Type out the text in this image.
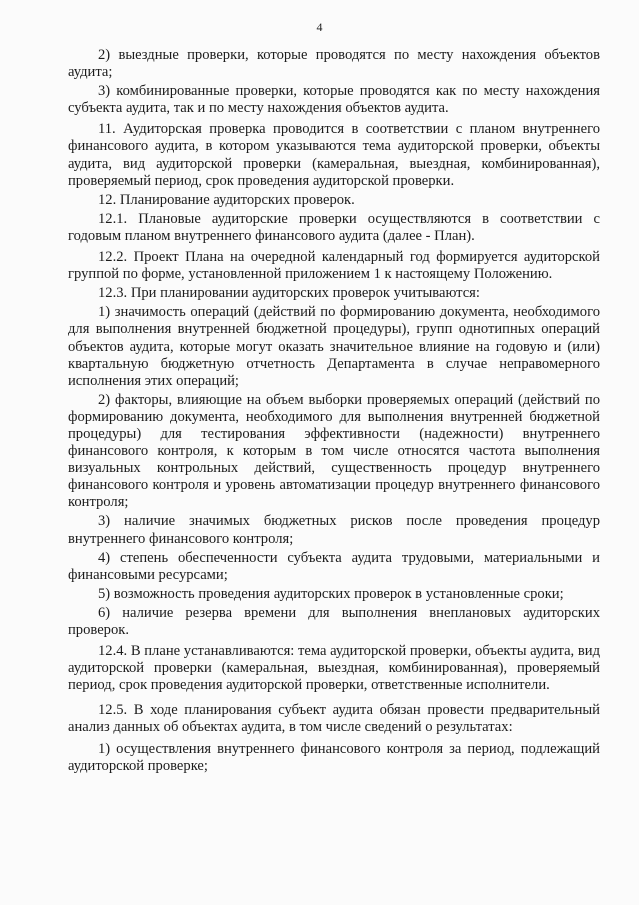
4

2) выездные проверки, которые проводятся по месту нахождения объектов аудита;

3) комбинированные проверки, которые проводятся как по месту нахождения субъекта аудита, так и по месту нахождения объектов аудита.

11. Аудиторская проверка проводится в соответствии с планом внутреннего финансового аудита, в котором указываются тема аудиторской проверки, объекты аудита, вид аудиторской проверки (камеральная, выездная, комбинированная), проверяемый период, срок проведения аудиторской проверки.

12. Планирование аудиторских проверок.

12.1. Плановые аудиторские проверки осуществляются в соответствии с годовым планом внутреннего финансового аудита (далее - План).

12.2. Проект Плана на очередной календарный год формируется аудиторской группой по форме, установленной приложением 1 к настоящему Положению.

12.3. При планировании аудиторских проверок учитываются:

1) значимость операций (действий по формированию документа, необходимого для выполнения внутренней бюджетной процедуры), групп однотипных операций объектов аудита, которые могут оказать значительное влияние на годовую и (или) квартальную бюджетную отчетность Департамента в случае неправомерного исполнения этих операций;

2) факторы, влияющие на объем выборки проверяемых операций (действий по формированию документа, необходимого для выполнения внутренней бюджетной процедуры) для тестирования эффективности (надежности) внутреннего финансового контроля, к которым в том числе относятся частота выполнения визуальных контрольных действий, существенность процедур внутреннего финансового контроля и уровень автоматизации процедур внутреннего финансового контроля;

3) наличие значимых бюджетных рисков после проведения процедур внутреннего финансового контроля;

4) степень обеспеченности субъекта аудита трудовыми, материальными и финансовыми ресурсами;

5) возможность проведения аудиторских проверок в установленные сроки;

6) наличие резерва времени для выполнения внеплановых аудиторских проверок.

12.4. В плане устанавливаются: тема аудиторской проверки, объекты аудита, вид аудиторской проверки (камеральная, выездная, комбинированная), проверяемый период, срок проведения аудиторской проверки, ответственные исполнители.

12.5. В ходе планирования субъект аудита обязан провести предварительный анализ данных об объектах аудита, в том числе сведений о результатах:

1) осуществления внутреннего финансового контроля за период, подлежащий аудиторской проверке;
